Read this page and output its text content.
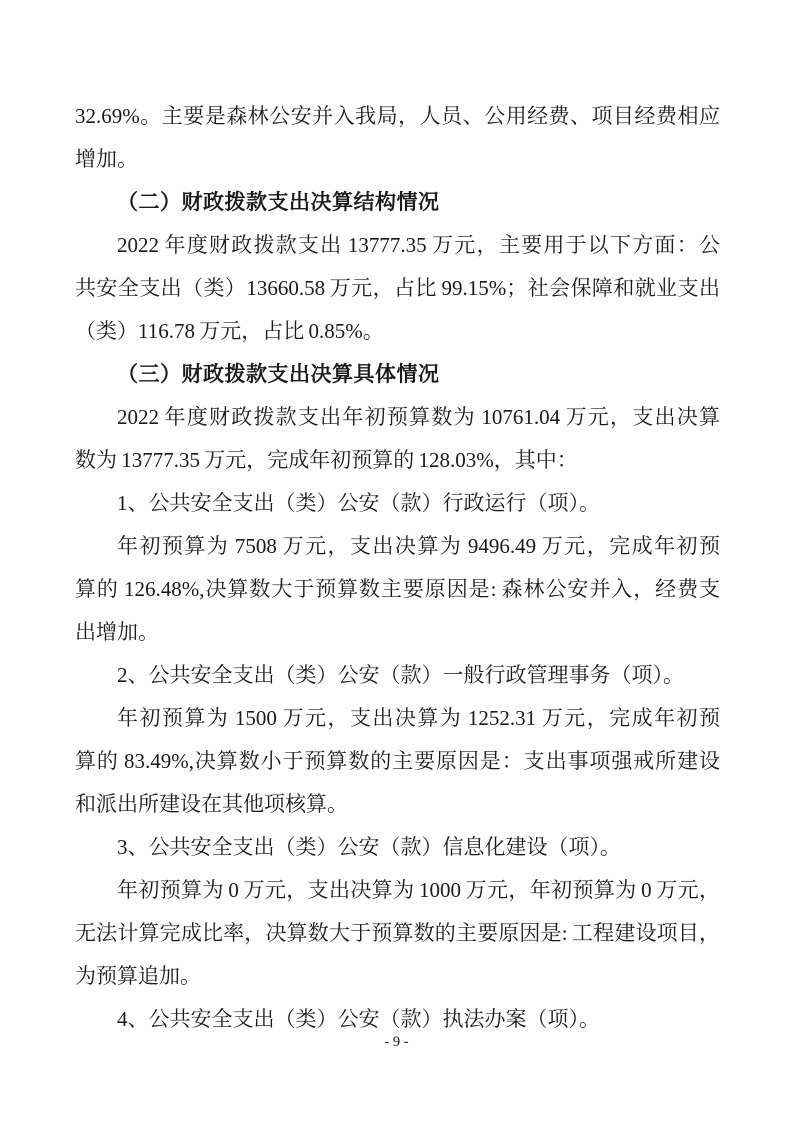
32.69%。主要是森林公安并入我局，人员、公用经费、项目经费相应

增加。

（二）财政拨款支出决算结构情况

2022 年度财政拨款支出 13777.35 万元，主要用于以下方面：公

共安全支出（类）13660.58 万元，占比 99.15%；社会保障和就业支出

（类）116.78 万元，占比 0.85%。

（三）财政拨款支出决算具体情况

2022 年度财政拨款支出年初预算数为 10761.04 万元，支出决算

数为 13777.35 万元，完成年初预算的 128.03%，其中：

1、公共安全支出（类）公安（款）行政运行（项）。

年初预算为 7508 万元，支出决算为 9496.49 万元，完成年初预

算的 126.48%,决算数大于预算数主要原因是: 森林公安并入，经费支

出增加。

2、公共安全支出（类）公安（款）一般行政管理事务（项）。

年初预算为 1500 万元，支出决算为 1252.31 万元，完成年初预

算的 83.49%,决算数小于预算数的主要原因是：支出事项强戒所建设

和派出所建设在其他项核算。

3、公共安全支出（类）公安（款）信息化建设（项）。

年初预算为 0 万元，支出决算为 1000 万元，年初预算为 0 万元，

无法计算完成比率，决算数大于预算数的主要原因是: 工程建设项目，

为预算追加。

4、公共安全支出（类）公安（款）执法办案（项）。

- 9 -
